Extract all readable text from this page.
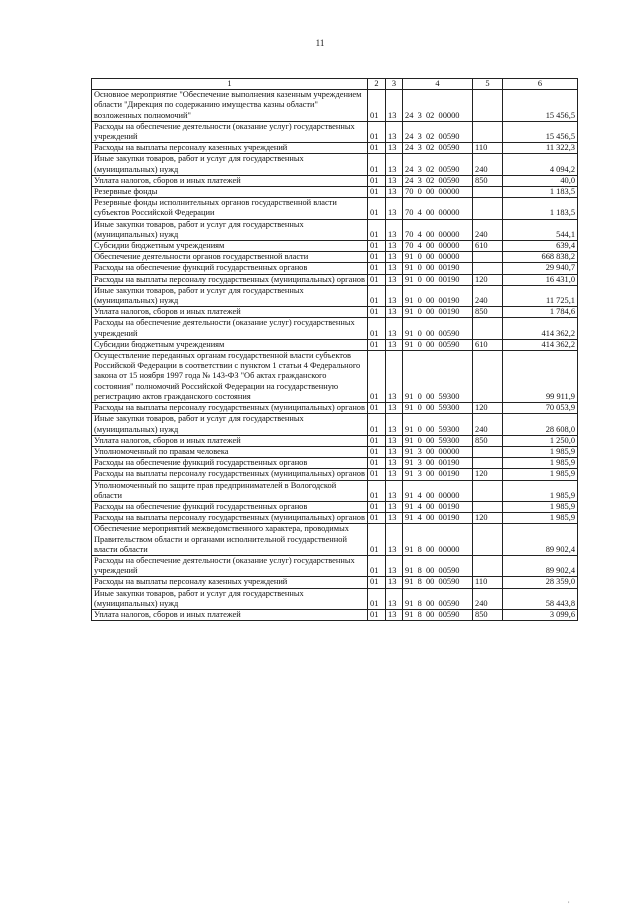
11
1	2	3	4	5	6
Основное мероприятие "Обеспечение выполнения казенным учреждением области "Дирекция по содержанию имущества казны области" возложенных полномочий"	01	13	24  3  02  00000		15 456,5
Расходы на обеспечение деятельности (оказание услуг) государственных учреждений	01	13	24  3  02  00590		15 456,5
Расходы на выплаты персоналу казенных учреждений	01	13	24  3  02  00590	110	11 322,3
Иные закупки товаров, работ и услуг для государственных (муниципальных) нужд	01	13	24  3  02  00590	240	4 094,2
Уплата налогов, сборов и иных платежей	01	13	24  3  02  00590	850	40,0
Резервные фонды	01	13	70  0  00  00000		1 183,5
Резервные фонды исполнительных органов государственной власти субъектов Российской Федерации	01	13	70  4  00  00000		1 183,5
Иные закупки товаров, работ и услуг для государственных (муниципальных) нужд	01	13	70  4  00  00000	240	544,1
Субсидии бюджетным учреждениям	01	13	70  4  00  00000	610	639,4
Обеспечение деятельности органов государственной власти	01	13	91  0  00  00000		668 838,2
Расходы на обеспечение функций государственных органов	01	13	91  0  00  00190		29 940,7
Расходы на выплаты персоналу государственных (муниципальных) органов	01	13	91  0  00  00190	120	16 431,0
Иные закупки товаров, работ и услуг для государственных (муниципальных) нужд	01	13	91  0  00  00190	240	11 725,1
Уплата налогов, сборов и иных платежей	01	13	91  0  00  00190	850	1 784,6
Расходы на обеспечение деятельности (оказание услуг) государственных учреждений	01	13	91  0  00  00590		414 362,2
Субсидии бюджетным учреждениям	01	13	91  0  00  00590	610	414 362,2
Осуществление переданных органам государственной власти субъектов Российской Федерации в соответствии с пунктом 1 статьи 4 Федерального закона от 15 ноября 1997 года № 143-ФЗ "Об актах гражданского состояния" полномочий Российской Федерации на государственную регистрацию актов гражданского состояния	01	13	91  0  00  59300		99 911,9
Расходы на выплаты персоналу государственных (муниципальных) органов	01	13	91  0  00  59300	120	70 053,9
Иные закупки товаров, работ и услуг для государственных (муниципальных) нужд	01	13	91  0  00  59300	240	28 608,0
Уплата налогов, сборов и иных платежей	01	13	91  0  00  59300	850	1 250,0
Уполномоченный по правам человека	01	13	91  3  00  00000		1 985,9
Расходы на обеспечение функций государственных органов	01	13	91  3  00  00190		1 985,9
Расходы на выплаты персоналу государственных (муниципальных) органов	01	13	91  3  00  00190	120	1 985,9
Уполномоченный по защите прав предпринимателей в Вологодской области	01	13	91  4  00  00000		1 985,9
Расходы на обеспечение функций государственных органов	01	13	91  4  00  00190		1 985,9
Расходы на выплаты персоналу государственных (муниципальных) органов	01	13	91  4  00  00190	120	1 985,9
Обеспечение мероприятий межведомственного характера, проводимых Правительством области и органами исполнительной государственной власти области	01	13	91  8  00  00000		89 902,4
Расходы на обеспечение деятельности (оказание услуг) государственных учреждений	01	13	91  8  00  00590		89 902,4
Расходы на выплаты персоналу казенных учреждений	01	13	91  8  00  00590	110	28 359,0
Иные закупки товаров, работ и услуг для государственных (муниципальных) нужд	01	13	91  8  00  00590	240	58 443,8
Уплата налогов, сборов и иных платежей	01	13	91  8  00  00590	850	3 099,6
,
